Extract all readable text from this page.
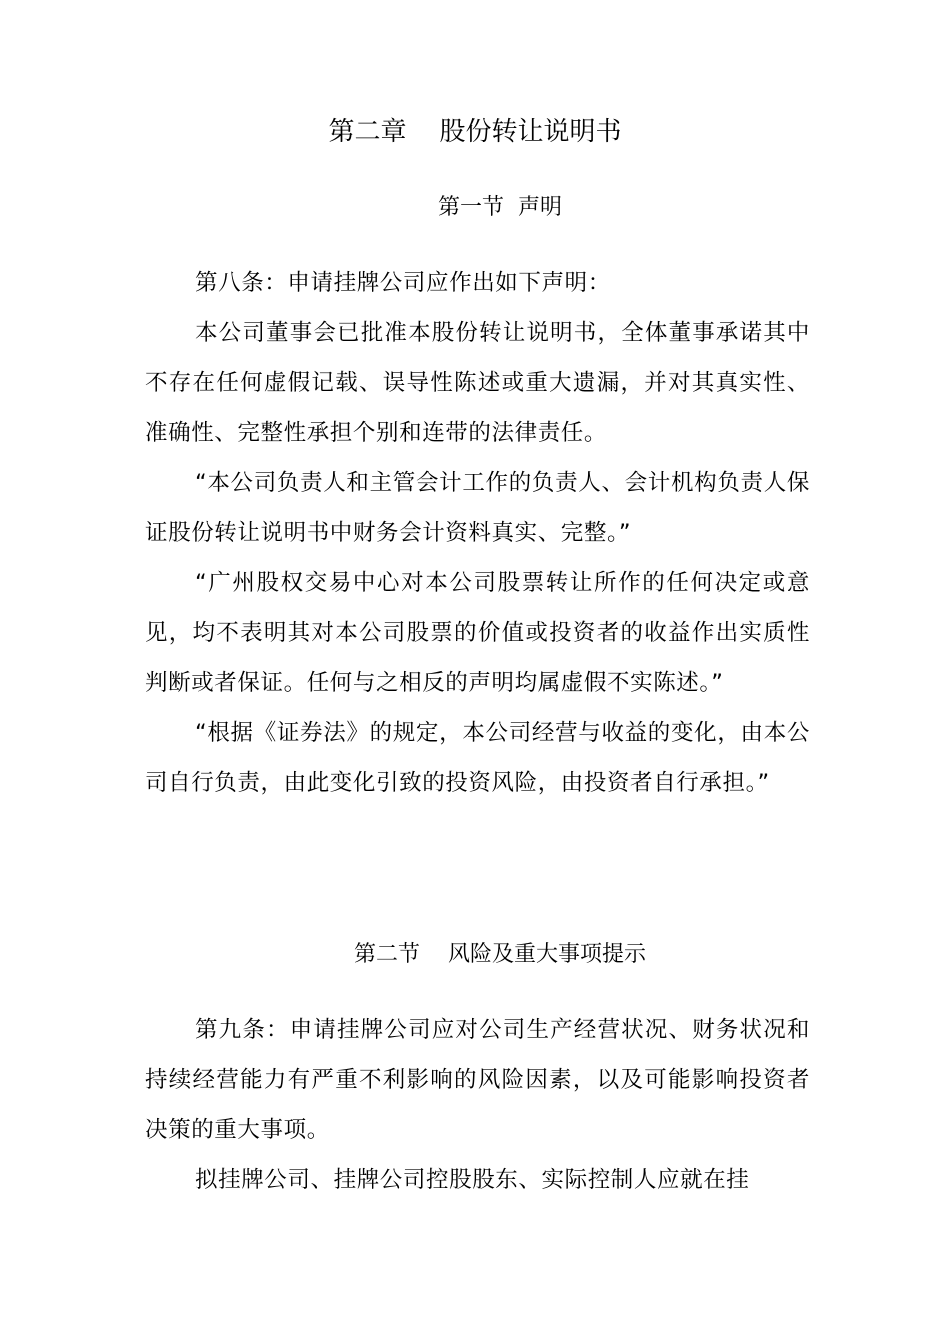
第二章    股份转让说明书
第一节  声明

第八条：申请挂牌公司应作出如下声明：

本公司董事会已批准本股份转让说明书，全体董事承诺其中不存在任何虚假记载、误导性陈述或重大遗漏，并对其真实性、准确性、完整性承担个别和连带的法律责任。

“本公司负责人和主管会计工作的负责人、会计机构负责人保证股份转让说明书中财务会计资料真实、完整。”

“广州股权交易中心对本公司股票转让所作的任何决定或意见，均不表明其对本公司股票的价值或投资者的收益作出实质性判断或者保证。任何与之相反的声明均属虚假不实陈述。”

“根据《证券法》的规定，本公司经营与收益的变化，由本公司自行负责，由此变化引致的投资风险，由投资者自行承担。”

第二节    风险及重大事项提示

第九条：申请挂牌公司应对公司生产经营状况、财务状况和持续经营能力有严重不利影响的风险因素，以及可能影响投资者决策的重大事项。

拟挂牌公司、挂牌公司控股股东、实际控制人应就在挂
